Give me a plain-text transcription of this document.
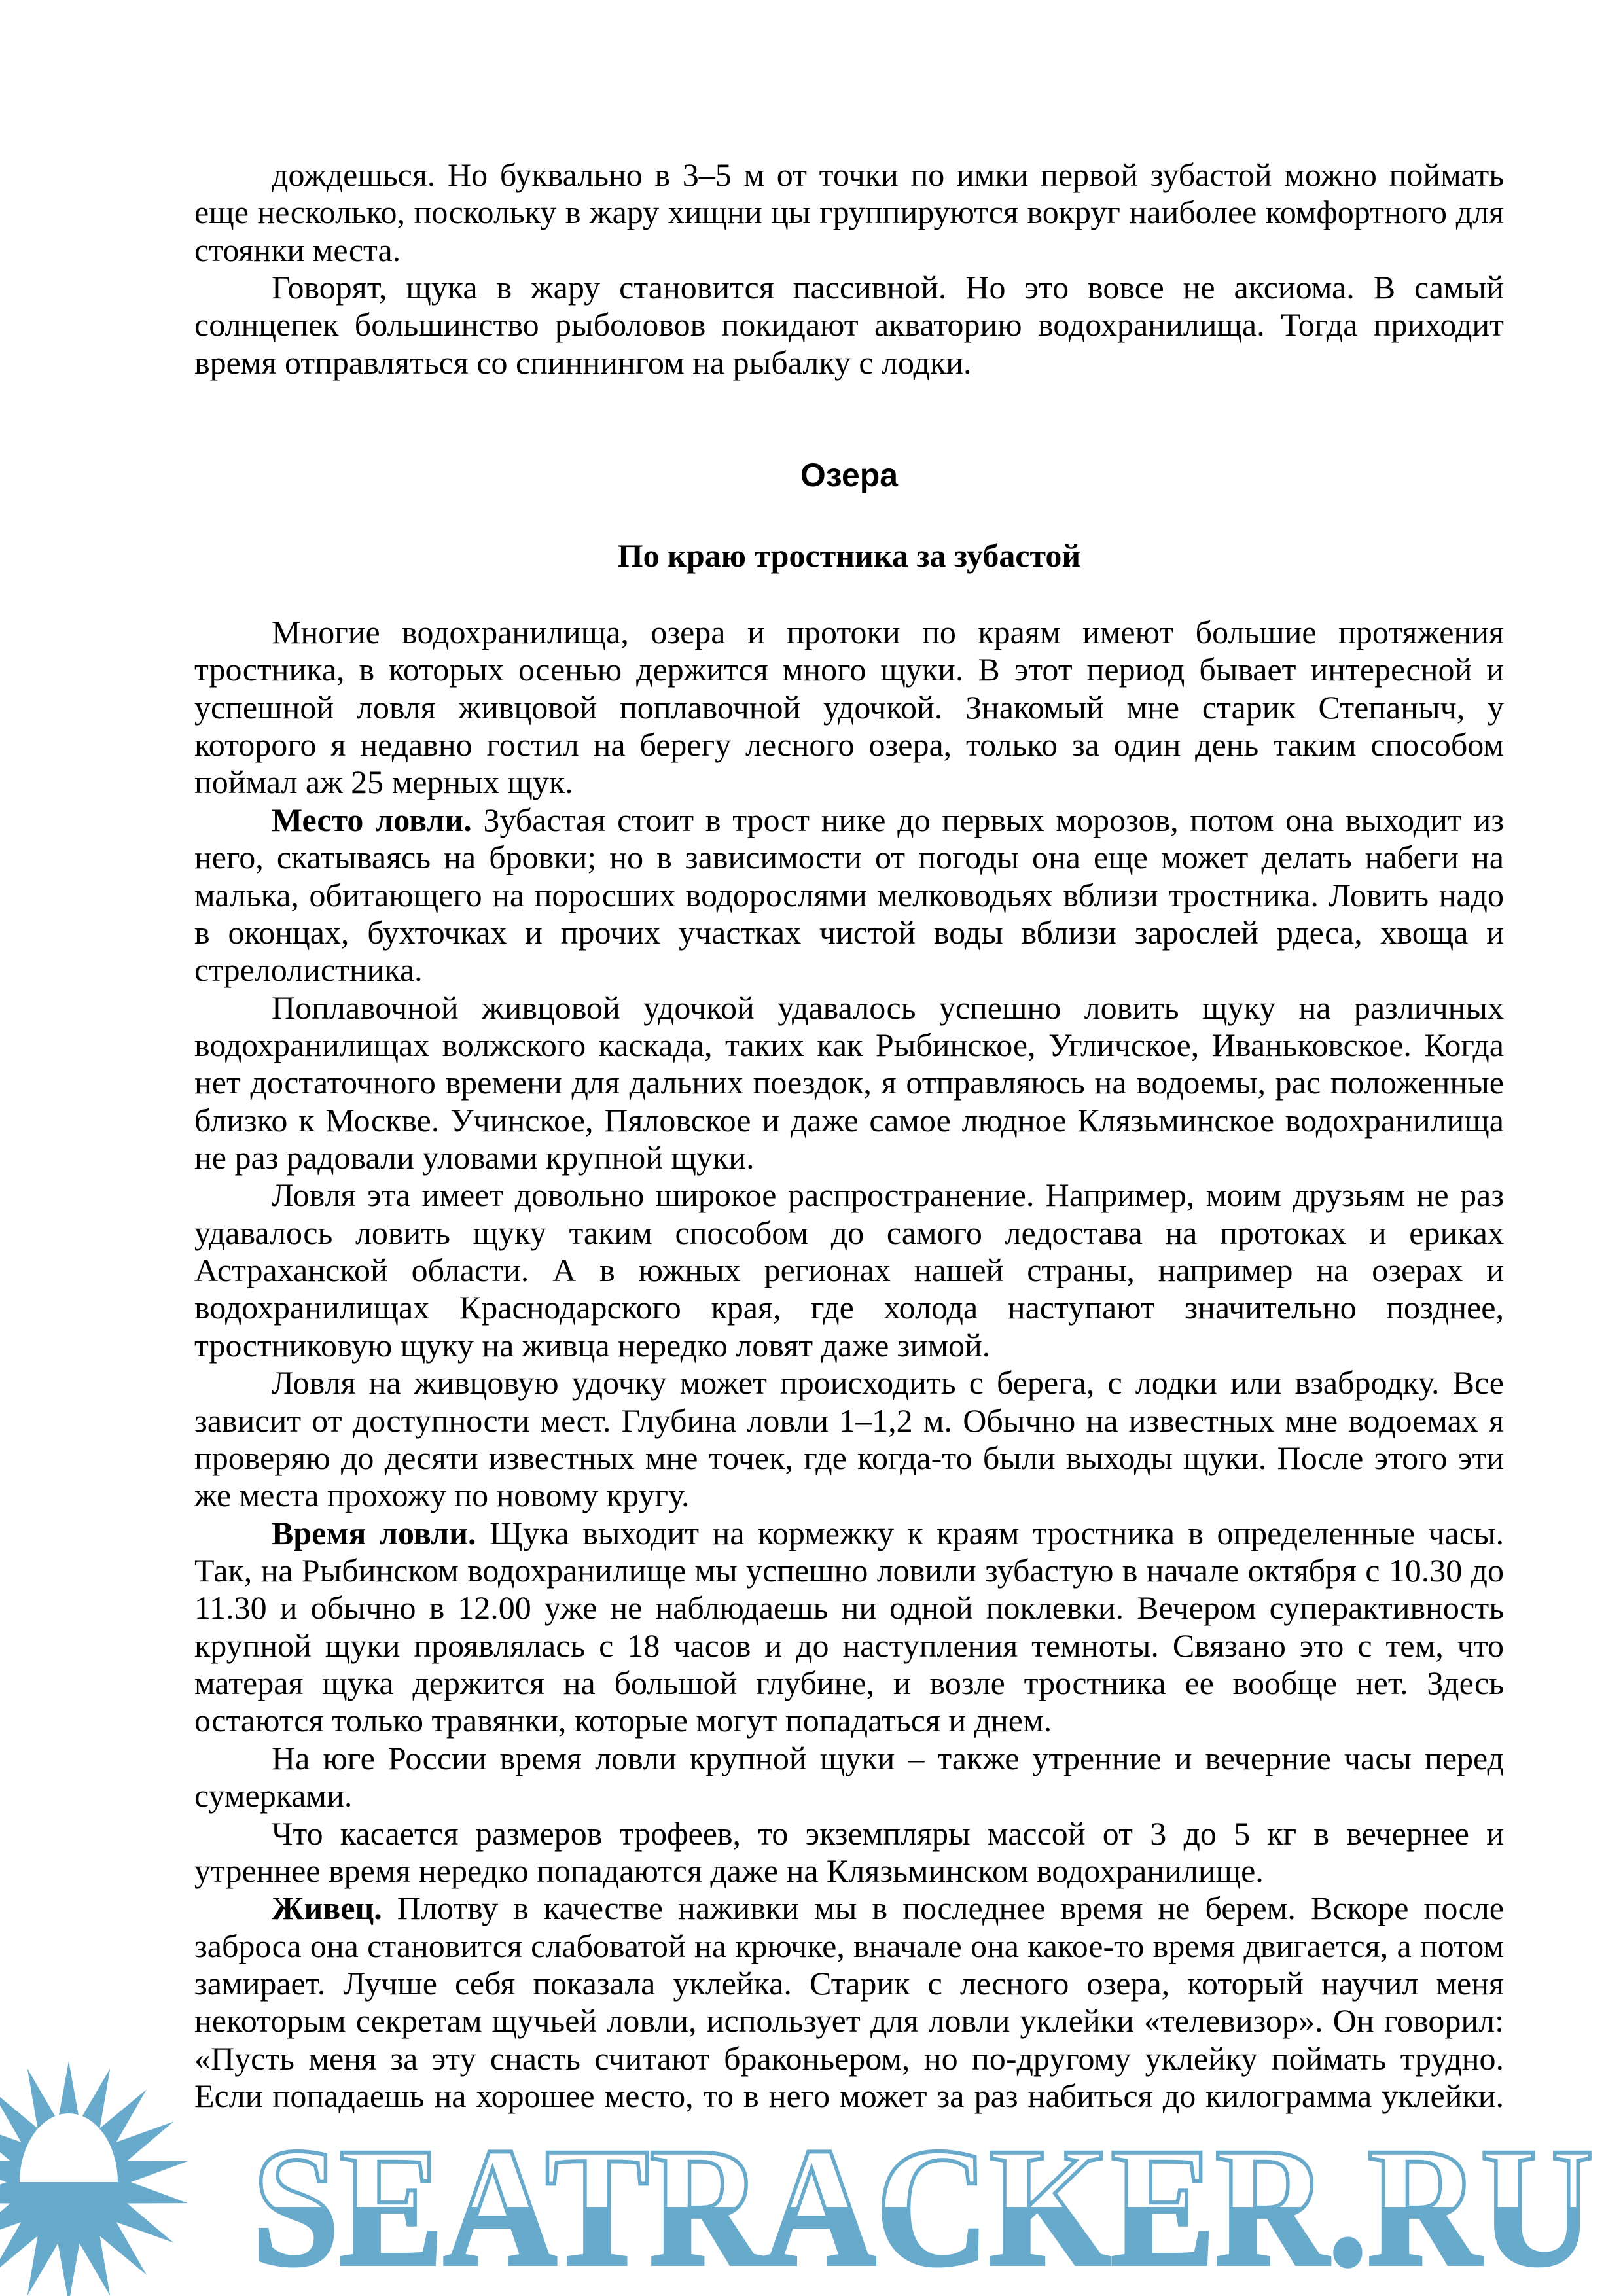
дождешься. Но буквально в 3–5 м от точки по имки первой зубастой можно поймать
еще несколько, поскольку в жару хищни цы группируются вокруг наиболее комфортного для
стоянки места.
Говорят, щука в жару становится пассивной. Но это вовсе не аксиома. В самый
солнцепек большинство рыболовов покидают акваторию водохранилища. Тогда приходит
время отправляться со спиннингом на рыбалку с лодки.
Озера
По краю тростника за зубастой
Многие водохранилища, озера и протоки по краям имеют большие протяжения
тростника, в которых осенью держится много щуки. В этот период бывает интересной и
успешной ловля живцовой поплавочной удочкой. Знакомый мне старик Степаныч, у
которого я недавно гостил на берегу лесного озера, только за один день таким способом
поймал аж 25 мерных щук.
Место ловли. Зубастая стоит в трост нике до первых морозов, потом она выходит из
него, скатываясь на бровки; но в зависимости от погоды она еще может делать набеги на
малька, обитающего на поросших водорослями мелководьях вблизи тростника. Ловить надо
в оконцах, бухточках и прочих участках чистой воды вблизи зарослей рдеса, хвоща и
стрелолистника.
Поплавочной живцовой удочкой удавалось успешно ловить щуку на различных
водохранилищах волжского каскада, таких как Рыбинское, Угличское, Иваньковское. Когда
нет достаточного времени для дальних поездок, я отправляюсь на водоемы, рас положенные
близко к Москве. Учинское, Пяловское и даже самое людное Клязьминское водохранилища
не раз радовали уловами крупной щуки.
Ловля эта имеет довольно широкое распространение. Например, моим друзьям не раз
удавалось ловить щуку таким способом до самого ледостава на протоках и ериках
Астраханской области. А в южных регионах нашей страны, например на озерах и
водохранилищах Краснодарского края, где холода наступают значительно позднее,
тростниковую щуку на живца нередко ловят даже зимой.
Ловля на живцовую удочку может происходить с берега, с лодки или взабродку. Все
зависит от доступности мест. Глубина ловли 1–1,2 м. Обычно на известных мне водоемах я
проверяю до десяти известных мне точек, где когда-то были выходы щуки. После этого эти
же места прохожу по новому кругу.
Время ловли. Щука выходит на кормежку к краям тростника в определенные часы.
Так, на Рыбинском водохранилище мы успешно ловили зубастую в начале октября с 10.30 до
11.30 и обычно в 12.00 уже не наблюдаешь ни одной поклевки. Вечером суперактивность
крупной щуки проявлялась с 18 часов и до наступления темноты. Связано это с тем, что
матерая щука держится на большой глубине, и возле тростника ее вообще нет. Здесь
остаются только травянки, которые могут попадаться и днем.
На юге России время ловли крупной щуки – также утренние и вечерние часы перед
сумерками.
Что касается размеров трофеев, то экземпляры массой от 3 до 5 кг в вечернее и
утреннее время нередко попадаются даже на Клязьминском водохранилище.
Живец. Плотву в качестве наживки мы в последнее время не берем. Вскоре после
заброса она становится слабоватой на крючке, вначале она какое-то время двигается, а потом
замирает. Лучше себя показала уклейка. Старик с лесного озера, который научил меня
некоторым секретам щучьей ловли, использует для ловли уклейки «телевизор». Он говорил:
«Пусть меня за эту снасть считают браконьером, но по-другому уклейку поймать трудно.
Если попадаешь на хорошее место, то в него может за раз набиться до килограмма уклейки.
SEATRACKER.RU
